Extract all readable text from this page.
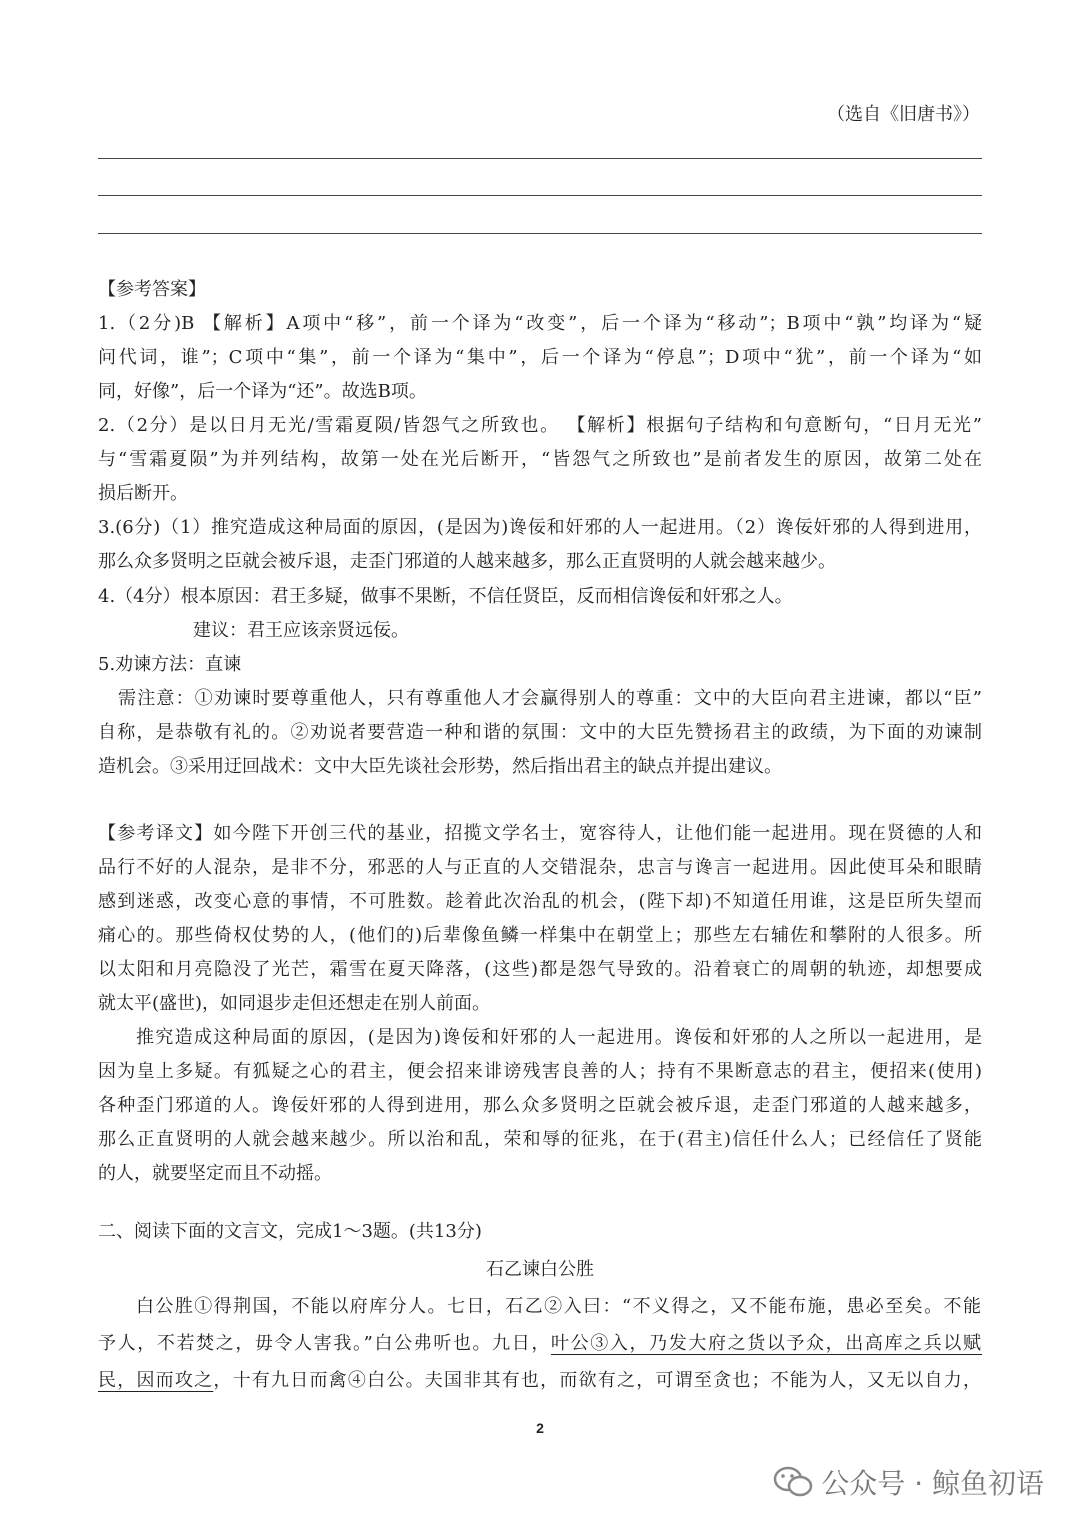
（选自《旧唐书》）
【参考答案】
1.（2分)B 【解析】A项中“移”，前一个译为“改变”，后一个译为“移动”；B项中“孰”均译为“疑
问代词，谁”；C项中“集”，前一个译为“集中”，后一个译为“停息”；D项中“犹”，前一个译为“如
同，好像”，后一个译为“还”。故选B项。
2.（2分）是以日月无光/雪霜夏陨/皆怨气之所致也。 【解析】根据句子结构和句意断句，“日月无光”
与“雪霜夏陨”为并列结构，故第一处在光后断开，“皆怨气之所致也”是前者发生的原因，故第二处在
损后断开。
3.(6分)（1）推究造成这种局面的原因，(是因为)谗佞和奸邪的人一起进用。（2）谗佞奸邪的人得到进用，
那么众多贤明之臣就会被斥退，走歪门邪道的人越来越多，那么正直贤明的人就会越来越少。
4.（4分）根本原因：君王多疑，做事不果断，不信任贤臣，反而相信谗佞和奸邪之人。
建议：君王应该亲贤远佞。
5.劝谏方法：直谏
需注意：①劝谏时要尊重他人，只有尊重他人才会赢得别人的尊重：文中的大臣向君主进谏，都以“臣”
自称，是恭敬有礼的。②劝说者要营造一种和谐的氛围：文中的大臣先赞扬君主的政绩，为下面的劝谏制
造机会。③采用迂回战术：文中大臣先谈社会形势，然后指出君主的缺点并提出建议。
【参考译文】如今陛下开创三代的基业，招揽文学名士，宽容待人，让他们能一起进用。现在贤德的人和
品行不好的人混杂，是非不分，邪恶的人与正直的人交错混杂，忠言与谗言一起进用。因此使耳朵和眼睛
感到迷惑，改变心意的事情，不可胜数。趁着此次治乱的机会，(陛下却)不知道任用谁，这是臣所失望而
痛心的。那些倚权仗势的人，(他们的)后辈像鱼鳞一样集中在朝堂上；那些左右辅佐和攀附的人很多。所
以太阳和月亮隐没了光芒，霜雪在夏天降落，(这些)都是怨气导致的。沿着衰亡的周朝的轨迹，却想要成
就太平(盛世)，如同退步走但还想走在别人前面。
推究造成这种局面的原因，(是因为)谗佞和奸邪的人一起进用。谗佞和奸邪的人之所以一起进用，是
因为皇上多疑。有狐疑之心的君主，便会招来诽谤残害良善的人；持有不果断意志的君主，便招来(使用)
各种歪门邪道的人。谗佞奸邪的人得到进用，那么众多贤明之臣就会被斥退，走歪门邪道的人越来越多，
那么正直贤明的人就会越来越少。所以治和乱，荣和辱的征兆，在于(君主)信任什么人；已经信任了贤能
的人，就要坚定而且不动摇。
二、阅读下面的文言文，完成1～3题。(共13分)
石乙谏白公胜
白公胜①得荆国，不能以府库分人。七日，石乙②入曰：“不义得之，又不能布施，患必至矣。不能
予人，不若焚之，毋令人害我。”白公弗听也。九日，叶公③入，乃发大府之货以予众，出高库之兵以赋
民，因而攻之，十有九日而禽④白公。夫国非其有也，而欲有之，可谓至贪也；不能为人，又无以自力，
2
公众号 · 鲸鱼初语
